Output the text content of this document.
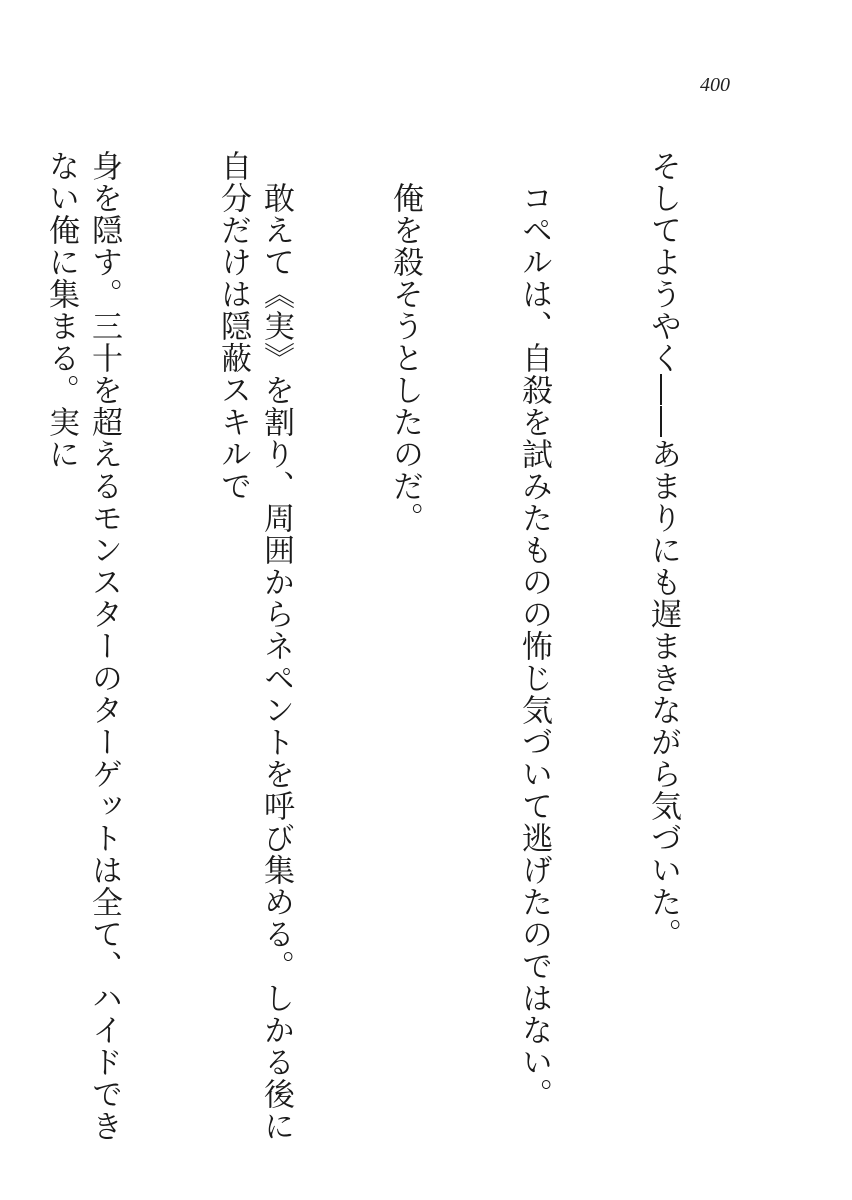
400

そしてようやく――あまりにも遅まきながら気づいた。

　コペルは、自殺を試みたものの怖じ気づいて逃げたのではない。

　俺を殺そうとしたのだ。

　敢えて《実》を割り、周囲からネペントを呼び集める。しかる後に自分だけは隠蔽スキルで

身を隠す。三十を超えるモンスターのターゲットは全て、ハイドできない俺に集まる。実に
